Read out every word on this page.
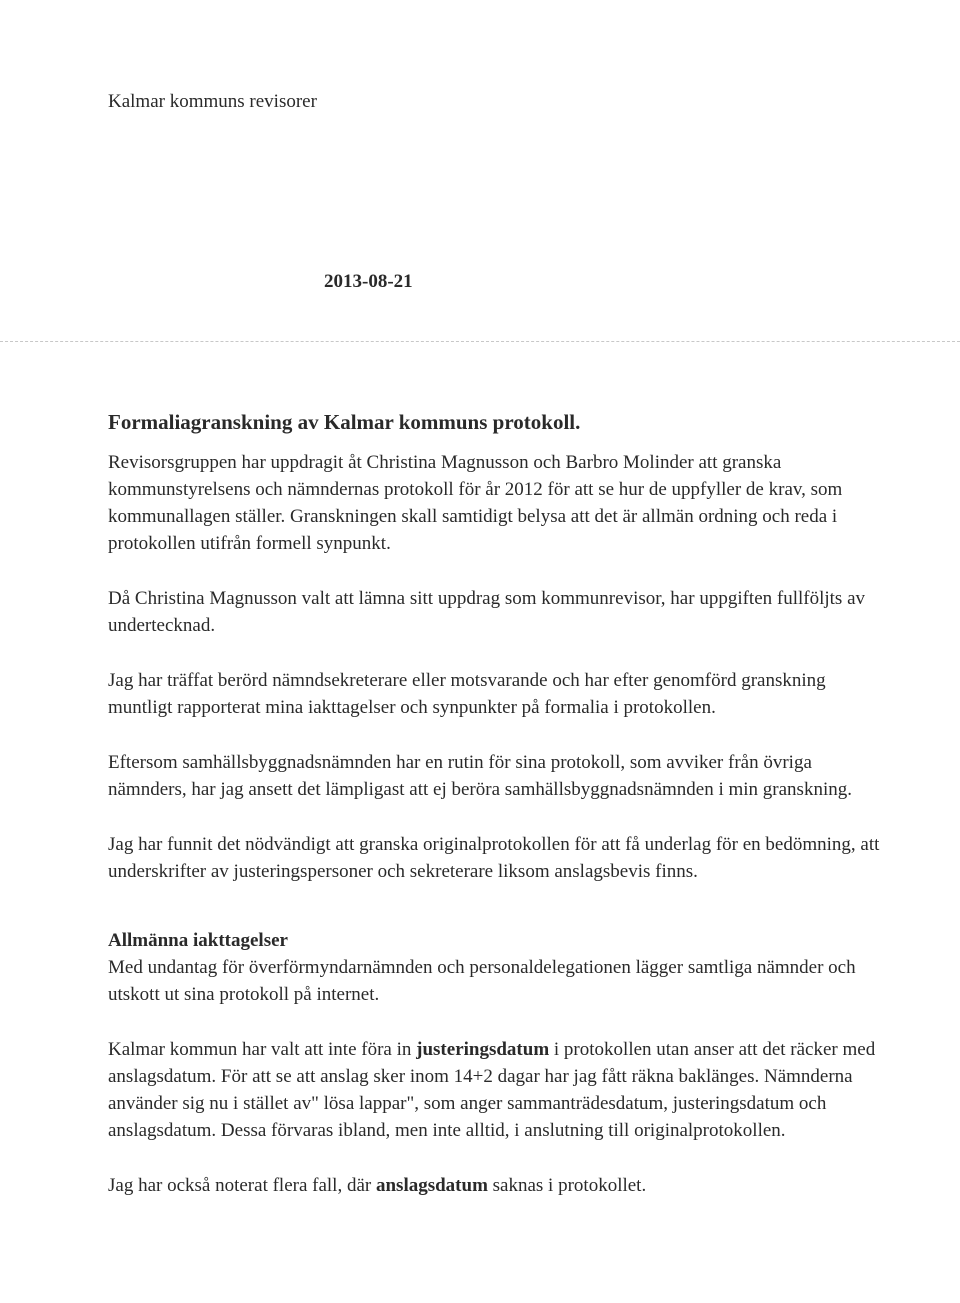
Kalmar kommuns revisorer
2013-08-21

Formaliagranskning av Kalmar kommuns protokoll.

Revisorsgruppen har uppdragit åt Christina Magnusson och Barbro Molinder att granska kommunstyrelsens och nämndernas protokoll för år 2012 för att se hur de uppfyller de krav, som kommunallagen ställer. Granskningen skall samtidigt belysa att det är allmän ordning och reda i protokollen utifrån formell synpunkt.

Då Christina Magnusson valt att lämna sitt uppdrag som kommunrevisor, har uppgiften fullföljts av undertecknad.

Jag har träffat berörd nämndsekreterare eller motsvarande och har efter genomförd granskning muntligt rapporterat mina iakttagelser och synpunkter på formalia i protokollen.

Eftersom samhällsbyggnadsnämnden har en rutin för sina protokoll, som avviker från övriga nämnders, har jag ansett det lämpligast att ej beröra samhällsbyggnadsnämnden i min granskning.

Jag har funnit det nödvändigt att granska originalprotokollen för att få underlag för en bedömning, att underskrifter av justeringspersoner och sekreterare liksom anslagsbevis finns.

Allmänna iakttagelser

Med undantag för överförmyndarnämnden och personaldelegationen lägger samtliga nämnder och utskott ut sina protokoll på internet.

Kalmar kommun har valt att inte föra in justeringsdatum i protokollen utan anser att det räcker med anslagsdatum. För att se att anslag sker inom 14+2 dagar har jag fått räkna baklänges. Nämnderna använder sig nu i stället av" lösa lappar", som anger sammanträdesdatum, justeringsdatum och anslagsdatum. Dessa förvaras ibland, men inte alltid, i anslutning till originalprotokollen.

Jag har också noterat flera fall, där anslagsdatum saknas i protokollet.
